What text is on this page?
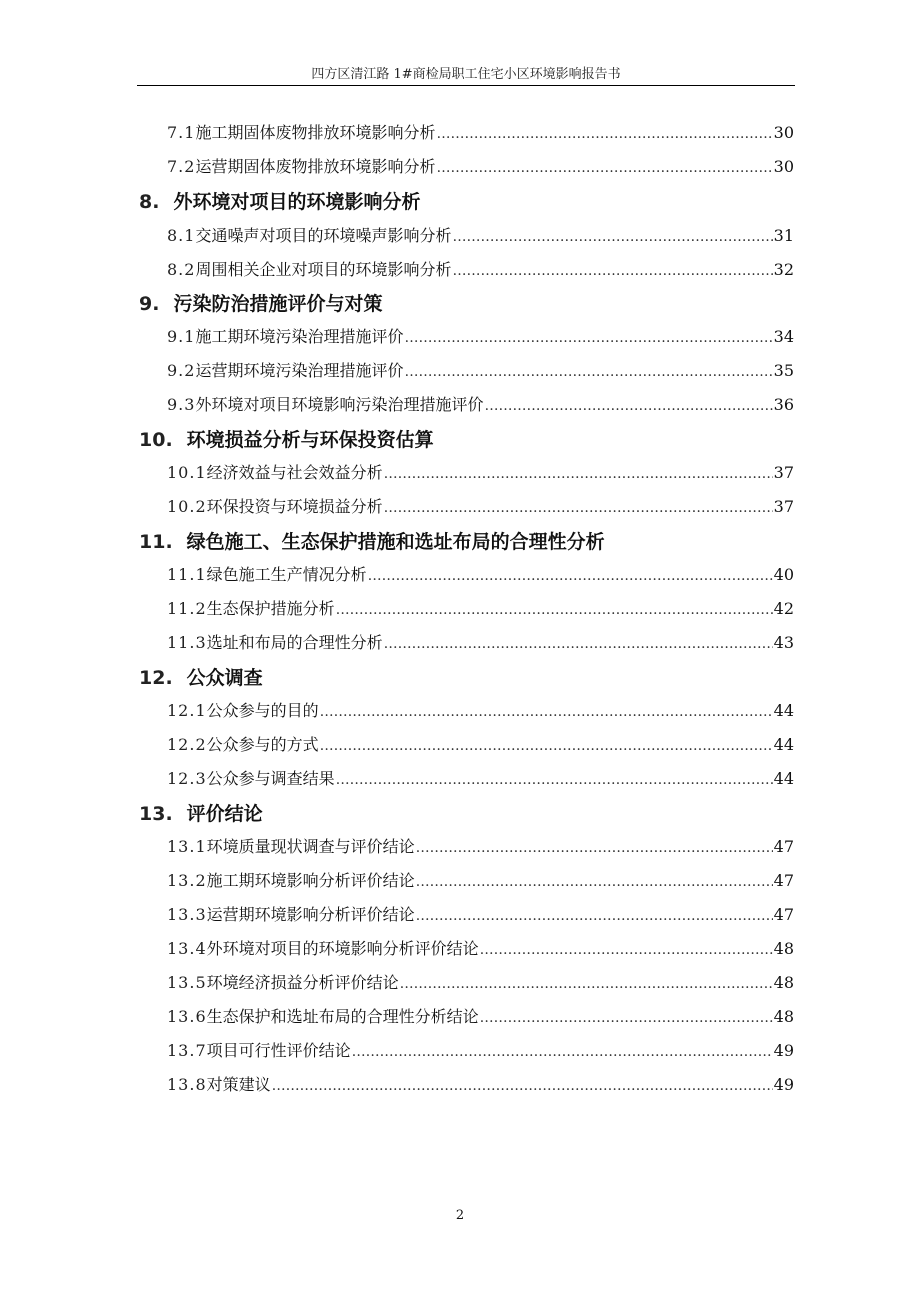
四方区清江路 1#商检局职工住宅小区环境影响报告书
7.1 施工期固体废物排放环境影响分析 …………………………………………………………………………………………………………………………………………………………………………	30
7.2 运营期固体废物排放环境影响分析 …………………………………………………………………………………………………………………………………………………………………………	30
8. 外环境对项目的环境影响分析
8.1 交通噪声对项目的环境噪声影响分析 …………………………………………………………………………………………………………………………………………………………………………	31
8.2 周围相关企业对项目的环境影响分析 …………………………………………………………………………………………………………………………………………………………………………	32
9. 污染防治措施评价与对策
9.1 施工期环境污染治理措施评价 …………………………………………………………………………………………………………………………………………………………………………	34
9.2 运营期环境污染治理措施评价 …………………………………………………………………………………………………………………………………………………………………………	35
9.3 外环境对项目环境影响污染治理措施评价 …………………………………………………………………………………………………………………………………………………………………………	36
10. 环境损益分析与环保投资估算
10.1 经济效益与社会效益分析 …………………………………………………………………………………………………………………………………………………………………………	37
10.2 环保投资与环境损益分析 …………………………………………………………………………………………………………………………………………………………………………	37
11. 绿色施工、生态保护措施和选址布局的合理性分析
11.1 绿色施工生产情况分析 …………………………………………………………………………………………………………………………………………………………………………	40
11.2 生态保护措施分析 …………………………………………………………………………………………………………………………………………………………………………	42
11.3 选址和布局的合理性分析 …………………………………………………………………………………………………………………………………………………………………………	43
12. 公众调查
12.1 公众参与的目的 …………………………………………………………………………………………………………………………………………………………………………	44
12.2 公众参与的方式 …………………………………………………………………………………………………………………………………………………………………………	44
12.3 公众参与调查结果 …………………………………………………………………………………………………………………………………………………………………………	44
13. 评价结论
13.1 环境质量现状调查与评价结论 …………………………………………………………………………………………………………………………………………………………………………	47
13.2 施工期环境影响分析评价结论 …………………………………………………………………………………………………………………………………………………………………………	47
13.3 运营期环境影响分析评价结论 …………………………………………………………………………………………………………………………………………………………………………	47
13.4 外环境对项目的环境影响分析评价结论 …………………………………………………………………………………………………………………………………………………………………………	48
13.5 环境经济损益分析评价结论 …………………………………………………………………………………………………………………………………………………………………………	48
13.6 生态保护和选址布局的合理性分析结论 …………………………………………………………………………………………………………………………………………………………………………	48
13.7 项目可行性评价结论 …………………………………………………………………………………………………………………………………………………………………………	49
13.8 对策建议 …………………………………………………………………………………………………………………………………………………………………………	49
2
